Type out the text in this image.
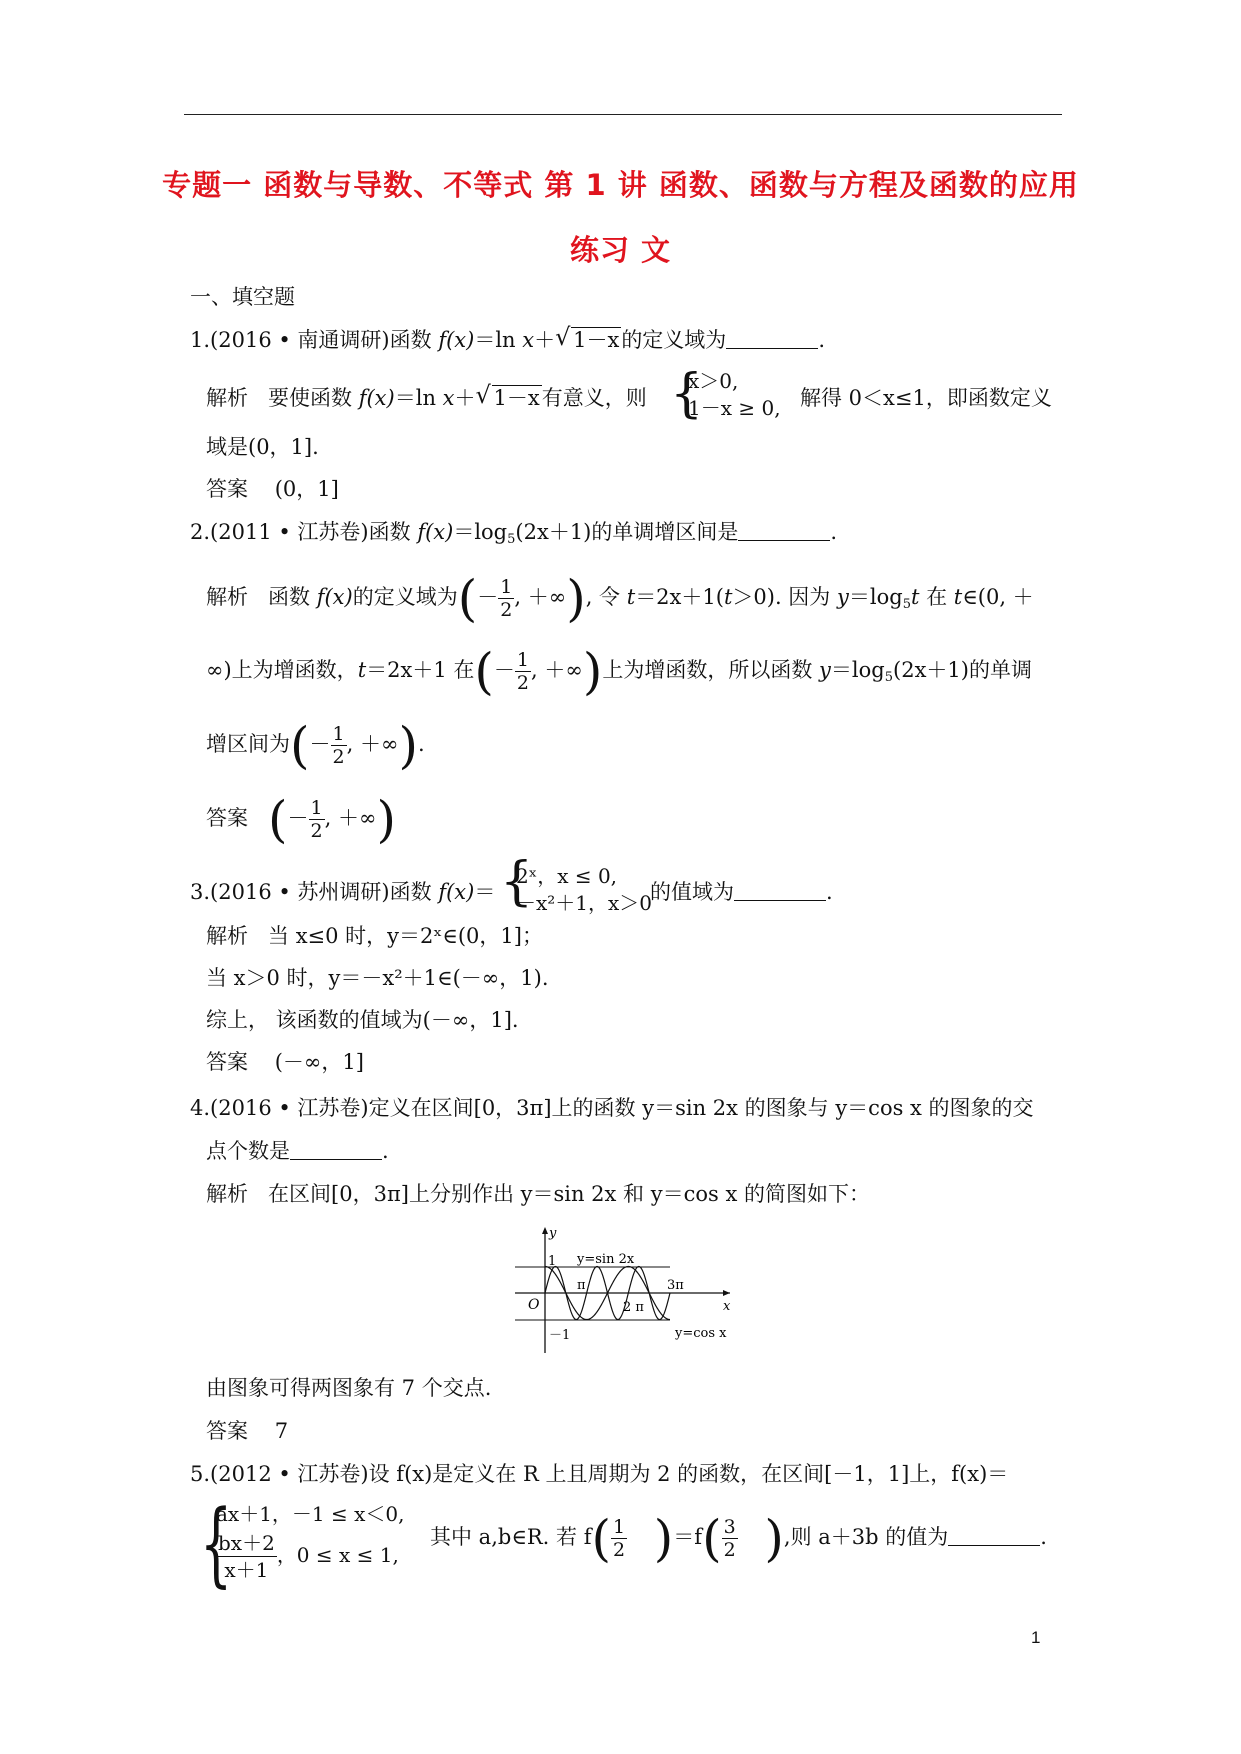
专题一 函数与导数、不等式 第 1 讲 函数、函数与方程及函数的应用
练习 文
一、填空题
1.(2016 • 南通调研)函数 f(x)＝ln x＋ √ 1－x的定义域为	.
解析 要使函数 f(x)＝ln x＋ √ 1－x有意义，则 {
x＞0,
1－x ≥ 0, 解得 0＜x≤1，即函数定义
域是(0，1].
答案 (0，1]
2.(2011 • 江苏卷)函数 $f(x)=\log_5(2x+1)$的单调增区间是	.
解析 函数 f(x)的定义域为(－ $\frac{1}{2}$ , ＋∞), 令 t＝2x＋1(t＞0). 因为 $y=\log_5t$ 在 t∈(0, ＋
∞)上为增函数，t＝2x＋1 在(－ $\frac{1}{2}$ , ＋∞)上为增函数，所以函数 $y=\log_5(2x+1)$的单调
增区间为(－ $\frac{1}{2}$ , ＋∞).
答案 (－ $\frac{1}{2}$ , ＋∞)
3.(2016 • 苏州调研)函数 f(x)＝ {
2ˣ，x ≤ 0,
－x²＋1，x＞0
的值域为	.
解析 当 x≤0 时，y＝2ˣ∈(0，1]；
当 x＞0 时，y＝－x²＋1∈(－∞，1).
综上， 该函数的值域为(－∞，1].
答案 (－∞，1]
4.(2016 • 江苏卷)定义在区间[0，3π]上的函数 y＝sin 2x 的图象与 y＝cos x 的图象的交
点个数是	.
解析 在区间[0，3π]上分别作出 y＝sin 2x 和 y＝cos x 的简图如下：
y
x
O
1
－1
π
2 π
3π
y=sin 2x
y=cos x
由图象可得两图象有 7 个交点.
答案 7
5.(2012 • 江苏卷)设 f(x)是定义在 R 上且周期为 2 的函数，在区间[－1，1]上，f(x)＝
{
ax＋1，－1 ≤ x＜0,
$\frac{bx+2}{x+1}$ ，0 ≤ x ≤ 1,
其中 a,b∈R. 若 $f( \frac{1}{2} )=f( \frac{3}{2}$ ),则 a＋3b 的值为	.
1
